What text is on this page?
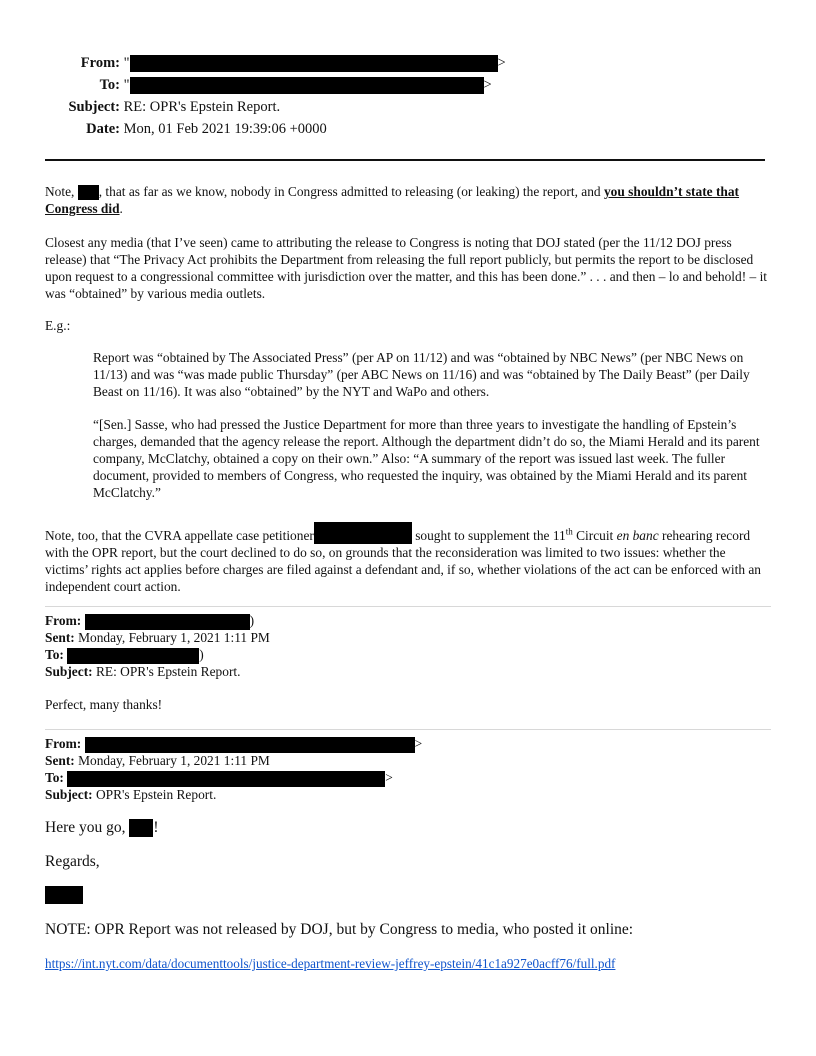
From: "	>
To: "	>
Subject: RE: OPR's Epstein Report.
Date: Mon, 01 Feb 2021 19:39:06 +0000
Note, , that as far as we know, nobody in Congress admitted to releasing (or leaking) the report, and you shouldn’t state that Congress did.
Closest any media (that I’ve seen) came to attributing the release to Congress is noting that DOJ stated (per the 11/12 DOJ press release) that “The Privacy Act prohibits the Department from releasing the full report publicly, but permits the report to be disclosed upon request to a congressional committee with jurisdiction over the matter, and this has been done.” . . . and then – lo and behold! – it was “obtained” by various media outlets.
E.g.:
Report was “obtained by The Associated Press” (per AP on 11/12) and was “obtained by NBC News” (per NBC News on 11/13) and was “was made public Thursday” (per ABC News on 11/16) and was “obtained by The Daily Beast” (per Daily Beast on 11/16). It was also “obtained” by the NYT and WaPo and others.
“[Sen.] Sasse, who had pressed the Justice Department for more than three years to investigate the handling of Epstein’s charges, demanded that the agency release the report. Although the department didn’t do so, the Miami Herald and its parent company, McClatchy, obtained a copy on their own.” Also: “A summary of the report was issued last week. The fuller document, provided to members of Congress, who requested the inquiry, was obtained by the Miami Herald and its parent McClatchy.”
Note, too, that the CVRA appellate case petitioner	sought to supplement the 11th Circuit en banc rehearing record with the OPR report, but the court declined to do so, on grounds that the reconsideration was limited to two issues: whether the victims’ rights act applies before charges are filed against a defendant and, if so, whether violations of the act can be enforced with an independent court action.
From:	)
Sent: Monday, February 1, 2021 1:11 PM
To:	)
Subject: RE: OPR's Epstein Report.
Perfect, many thanks!
From:	>
Sent: Monday, February 1, 2021 1:11 PM
To:	>
Subject: OPR's Epstein Report.
Here you go, !
Regards,
NOTE: OPR Report was not released by DOJ, but by Congress to media, who posted it online:
https://int.nyt.com/data/documenttools/justice-department-review-jeffrey-epstein/41c1a927e0acff76/full.pdf
